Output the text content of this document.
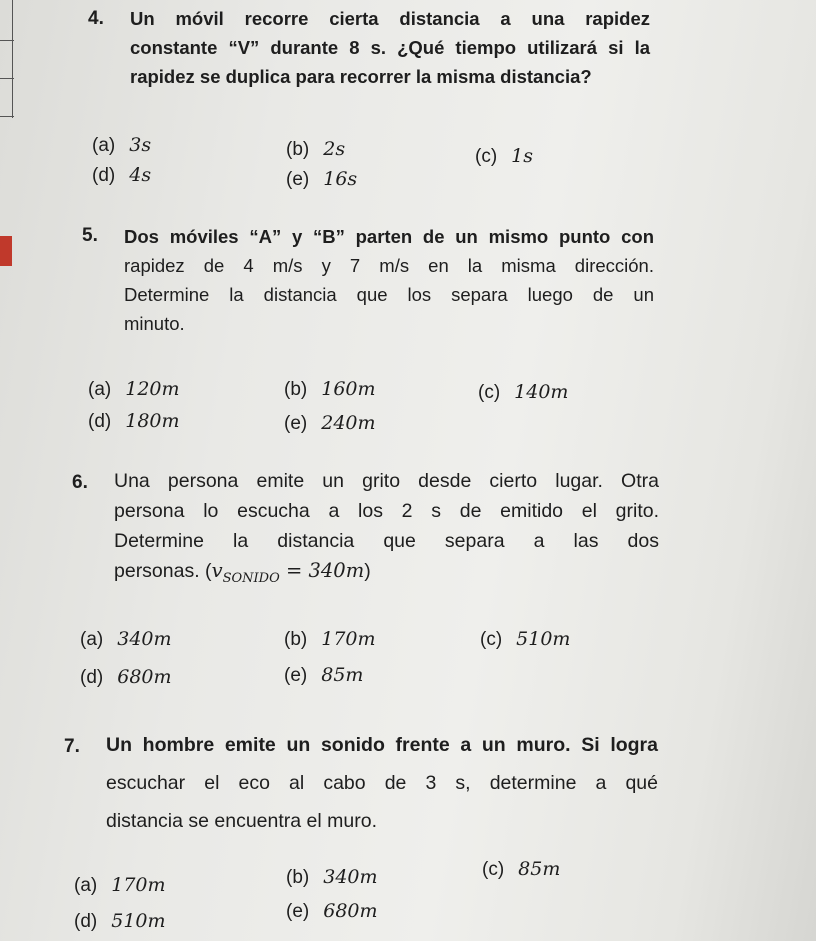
4. Un móvil recorre cierta distancia a una rapidez
constante “V” durante 8 s. ¿Qué tiempo utilizará si la
rapidez se duplica para recorrer la misma distancia?
(a) 3s	(b) 2s	(c) 1s
(d) 4s	(e) 16s
5. Dos móviles “A” y “B” parten de un mismo punto con
rapidez de 4 m/s y 7 m/s en la misma dirección.
Determine la distancia que los separa luego de un
minuto.
(a) 120m	(b) 160m	(c) 140m
(d) 180m	(e) 240m
6. Una persona emite un grito desde cierto lugar. Otra
persona lo escucha a los 2 s de emitido el grito.
Determine la distancia que separa a las dos
personas. $(v_{SONIDO} = 340m)$
(a) 340m	(b) 170m	(c) 510m
(d) 680m	(e) 85m
7. Un hombre emite un sonido frente a un muro. Si logra
escuchar el eco al cabo de 3 s, determine a qué
distancia se encuentra el muro.
(a) 170m	(b) 340m	(c) 85m
(d) 510m	(e) 680m
